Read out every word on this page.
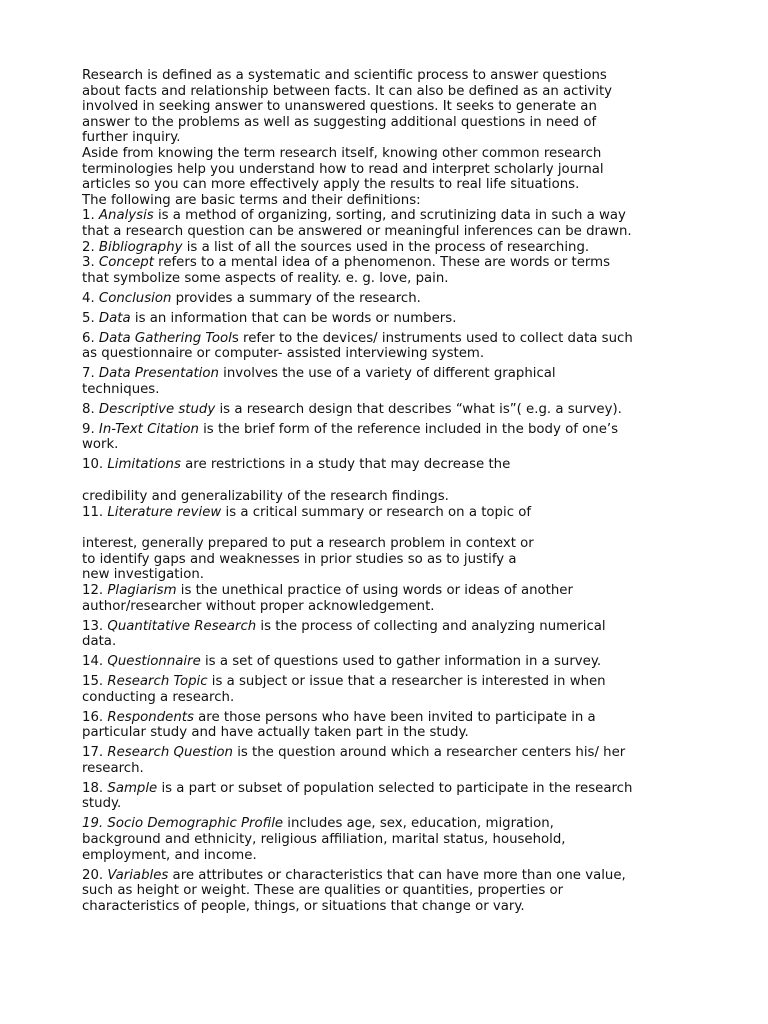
Research is defined as a systematic and scientific process to answer questions

about facts and relationship between facts. It can also be defined as an activity

involved in seeking answer to unanswered questions. It seeks to generate an

answer to the problems as well as suggesting additional questions in need of

further inquiry.

Aside from knowing the term research itself, knowing other common research

terminologies help you understand how to read and interpret scholarly journal

articles so you can more effectively apply the results to real life situations.

The following are basic terms and their definitions:

1. Analysis is a method of organizing, sorting, and scrutinizing data in such a way

that a research question can be answered or meaningful inferences can be drawn.

2. Bibliography is a list of all the sources used in the process of researching.

3. Concept refers to a mental idea of a phenomenon. These are words or terms

that symbolize some aspects of reality. e. g. love, pain.

4. Conclusion provides a summary of the research.

5. Data is an information that can be words or numbers.

6. Data Gathering Tools refer to the devices/ instruments used to collect data such

as questionnaire or computer- assisted interviewing system.

7. Data Presentation involves the use of a variety of different graphical

techniques.

8. Descriptive study is a research design that describes “what is”( e.g. a survey).

9. In-Text Citation is the brief form of the reference included in the body of one’s

work.

10. Limitations are restrictions in a study that may decrease the

credibility and generalizability of the research findings.

11. Literature review is a critical summary or research on a topic of

interest, generally prepared to put a research problem in context or

to identify gaps and weaknesses in prior studies so as to justify a

new investigation.

12. Plagiarism is the unethical practice of using words or ideas of another

author/researcher without proper acknowledgement.

13. Quantitative Research is the process of collecting and analyzing numerical

data.

14. Questionnaire is a set of questions used to gather information in a survey.

15. Research Topic is a subject or issue that a researcher is interested in when

conducting a research.

16. Respondents are those persons who have been invited to participate in a

particular study and have actually taken part in the study.

17. Research Question is the question around which a researcher centers his/ her

research.

18. Sample is a part or subset of population selected to participate in the research

study.

19. Socio Demographic Profile includes age, sex, education, migration,

background and ethnicity, religious affiliation, marital status, household,

employment, and income.

20. Variables are attributes or characteristics that can have more than one value,

such as height or weight. These are qualities or quantities, properties or

characteristics of people, things, or situations that change or vary.
